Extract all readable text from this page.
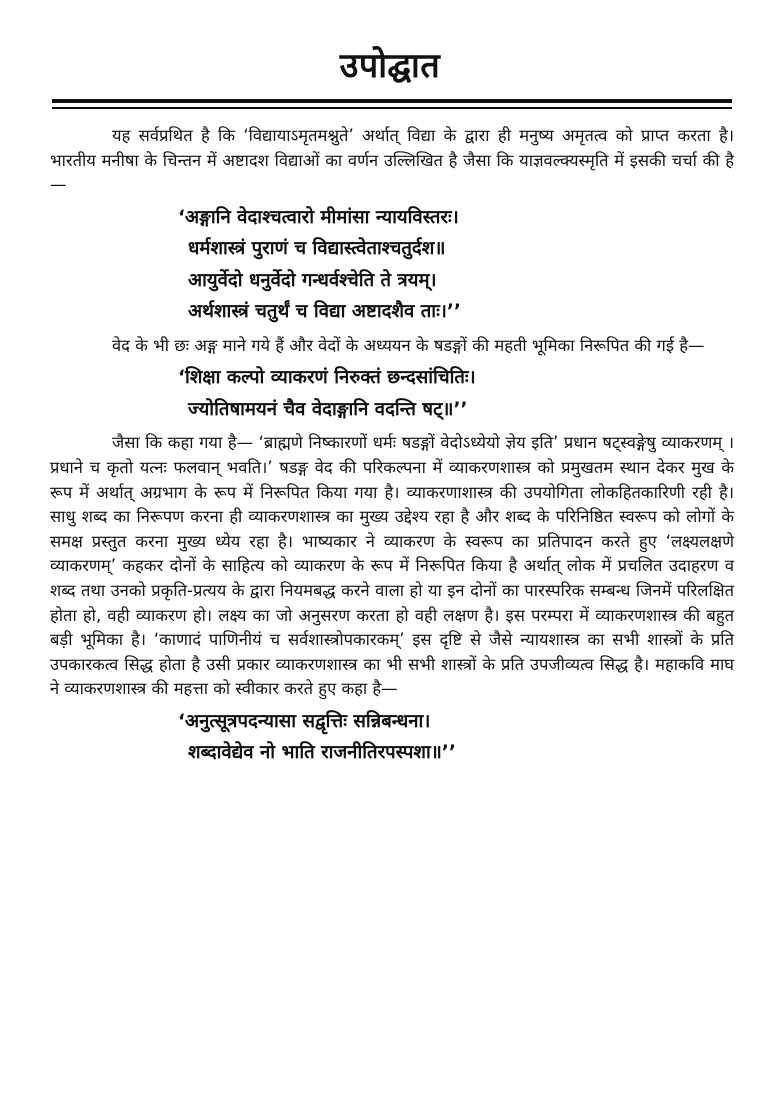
उपोद्घात

यह सर्वप्रथित है कि ‘विद्यायाऽमृतमश्नुते’ अर्थात् विद्या के द्वारा ही मनुष्य अमृतत्व को प्राप्त करता है। भारतीय मनीषा के चिन्तन में अष्टादश विद्याओं का वर्णन उल्लिखित है जैसा कि याज्ञवल्क्यस्मृति में इसकी चर्चा की है—

‘अङ्गानि वेदाश्चत्वारो मीमांसा न्यायविस्तरः।
धर्मशास्त्रं पुराणं च विद्यास्त्वेताश्चतुर्दश॥
आयुर्वेदो धनुर्वेदो गन्धर्वश्चेति ते त्रयम्।
अर्थशास्त्रं चतुर्थं च विद्या अष्टादशैव ताः।’’

वेद के भी छः अङ्ग माने गये हैं और वेदों के अध्ययन के षडङ्गों की महती भूमिका निरूपित की गई है—

‘शिक्षा कल्पो व्याकरणं निरुक्तं छन्दसांचितिः।
ज्योतिषामयनं चैव वेदाङ्गानि वदन्ति षट्॥’’

जैसा कि कहा गया है— ‘ब्राह्मणे निष्कारणों धर्मः षडङ्गों वेदोऽध्येयो ज्ञेय इति’ प्रधान षट्स्वङ्गेषु व्याकरणम् । प्रधाने च कृतो यत्नः फलवान् भवति।’ षडङ्ग वेद की परिकल्पना में व्याकरणशास्त्र को प्रमुखतम स्थान देकर मुख के रूप में अर्थात् अग्रभाग के रूप में निरूपित किया गया है। व्याकरणाशास्त्र की उपयोगिता लोकहितकारिणी रही है। साधु शब्द का निरूपण करना ही व्याकरणशास्त्र का मुख्य उद्देश्य रहा है और शब्द के परिनिष्ठित स्वरूप को लोगों के समक्ष प्रस्तुत करना मुख्य ध्येय रहा है। भाष्यकार ने व्याकरण के स्वरूप का प्रतिपादन करते हुए ‘लक्ष्यलक्षणे व्याकरणम्’ कहकर दोनों के साहित्य को व्याकरण के रूप में निरूपित किया है अर्थात् लोक में प्रचलित उदाहरण व शब्द तथा उनको प्रकृति-प्रत्यय के द्वारा नियमबद्ध करने वाला हो या इन दोनों का पारस्परिक सम्बन्ध जिनमें परिलक्षित होता हो, वही व्याकरण हो। लक्ष्य का जो अनुसरण करता हो वही लक्षण है। इस परम्परा में व्याकरणशास्त्र की बहुत बड़ी भूमिका है। ‘काणादं पाणिनीयं च सर्वशास्त्रोपकारकम्’ इस दृष्टि से जैसे न्यायशास्त्र का सभी शास्त्रों के प्रति उपकारकत्व सिद्ध होता है उसी प्रकार व्याकरणशास्त्र का भी सभी शास्त्रों के प्रति उपजीव्यत्व सिद्ध है। महाकवि माघ ने व्याकरणशास्त्र की महत्ता को स्वीकार करते हुए कहा है—

‘अनुत्सूत्रपदन्यासा सद्वृत्तिः सन्निबन्धना।
शब्दावेद्येव नो भाति राजनीतिरपस्पशा॥’’
